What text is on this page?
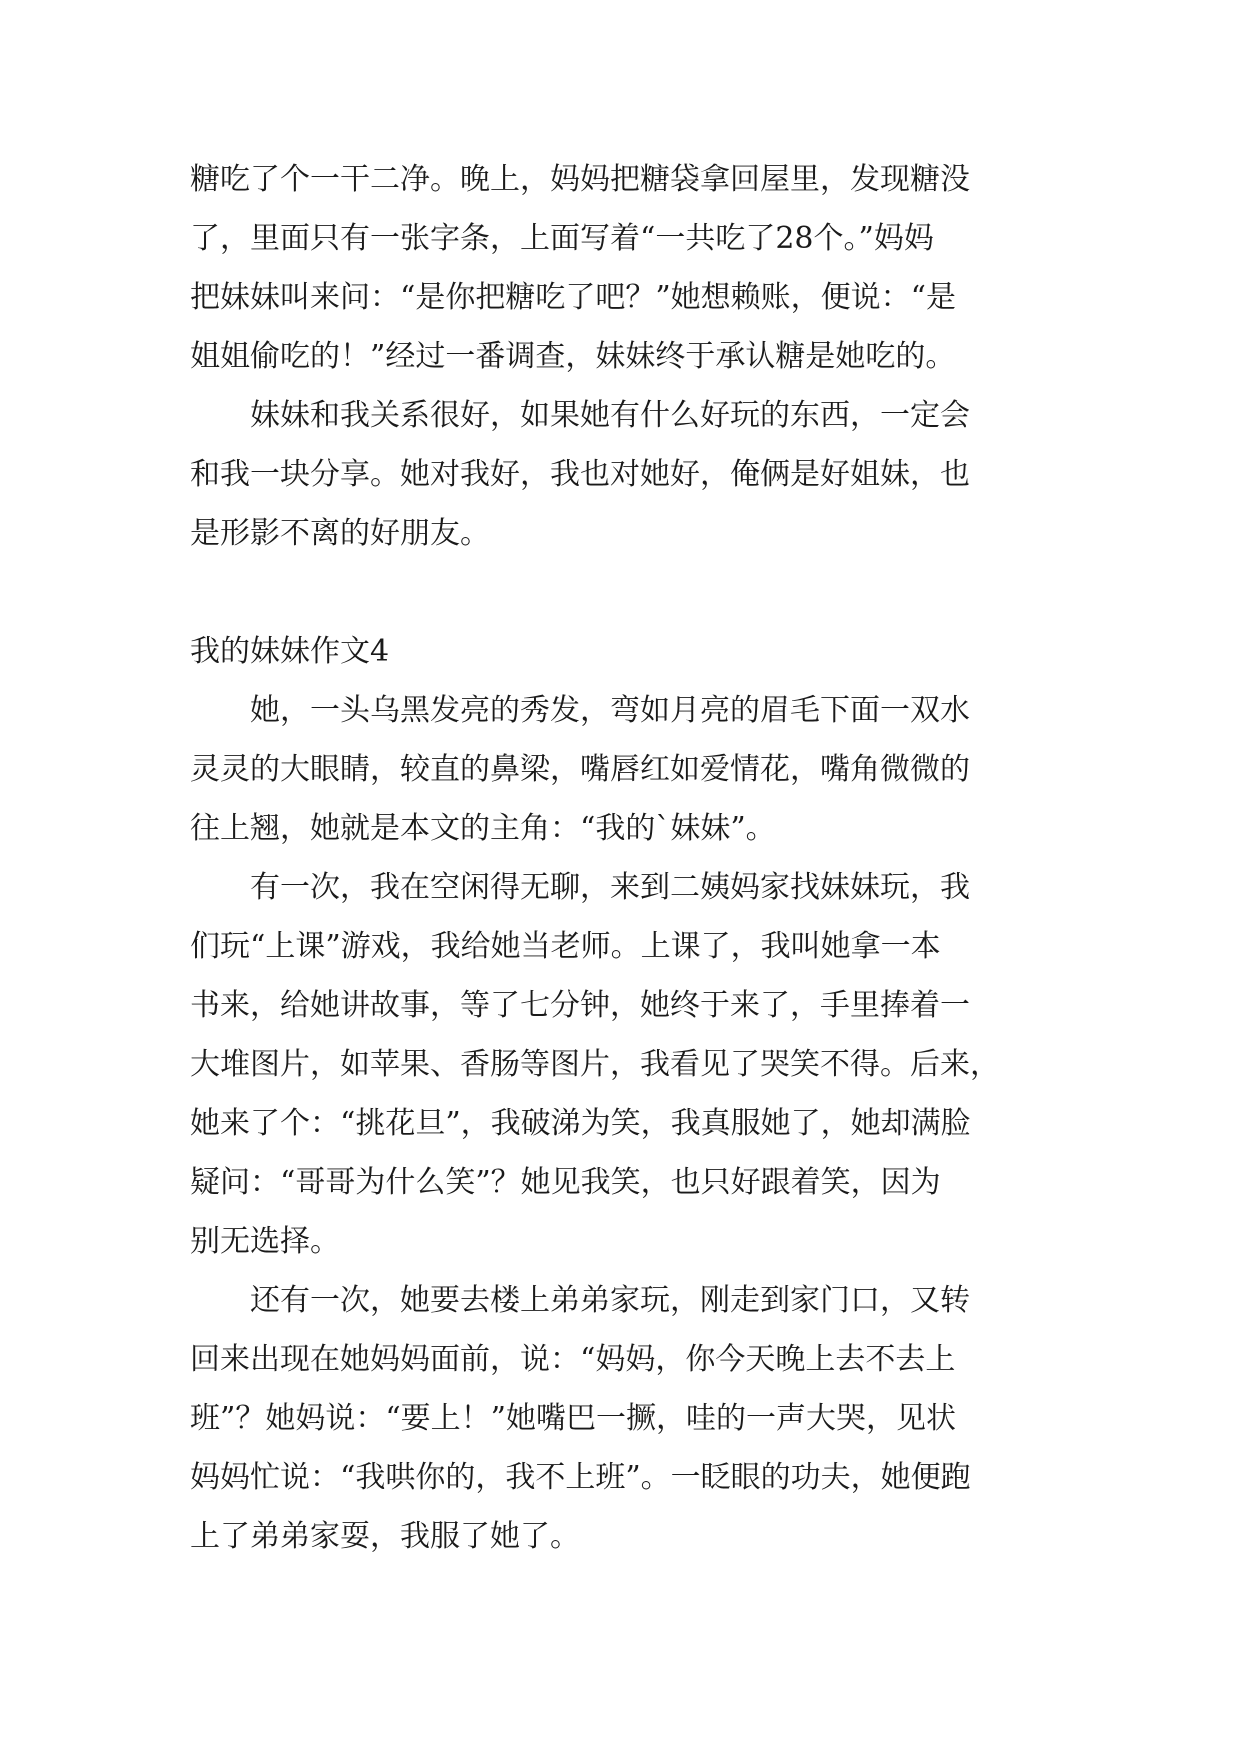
糖吃了个一干二净。晚上，妈妈把糖袋拿回屋里，发现糖没
了，里面只有一张字条，上面写着“一共吃了28个。”妈妈
把妹妹叫来问：“是你把糖吃了吧？”她想赖账，便说：“是
姐姐偷吃的！”经过一番调查，妹妹终于承认糖是她吃的。
妹妹和我关系很好，如果她有什么好玩的东西，一定会
和我一块分享。她对我好，我也对她好，俺俩是好姐妹，也
是形影不离的好朋友。
我的妹妹作文4
她，一头乌黑发亮的秀发，弯如月亮的眉毛下面一双水
灵灵的大眼睛，较直的鼻梁，嘴唇红如爱情花，嘴角微微的
往上翘，她就是本文的主角：“我的`妹妹”。
有一次，我在空闲得无聊，来到二姨妈家找妹妹玩，我
们玩“上课”游戏，我给她当老师。上课了，我叫她拿一本
书来，给她讲故事，等了七分钟，她终于来了，手里捧着一
大堆图片，如苹果、香肠等图片，我看见了哭笑不得。后来，
她来了个：“挑花旦”，我破涕为笑，我真服她了，她却满脸
疑问：“哥哥为什么笑”？她见我笑，也只好跟着笑，因为
别无选择。
还有一次，她要去楼上弟弟家玩，刚走到家门口，又转
回来出现在她妈妈面前，说：“妈妈，你今天晚上去不去上
班”？她妈说：“要上！”她嘴巴一撅，哇的一声大哭，见状
妈妈忙说：“我哄你的，我不上班”。一眨眼的功夫，她便跑
上了弟弟家耍，我服了她了。
